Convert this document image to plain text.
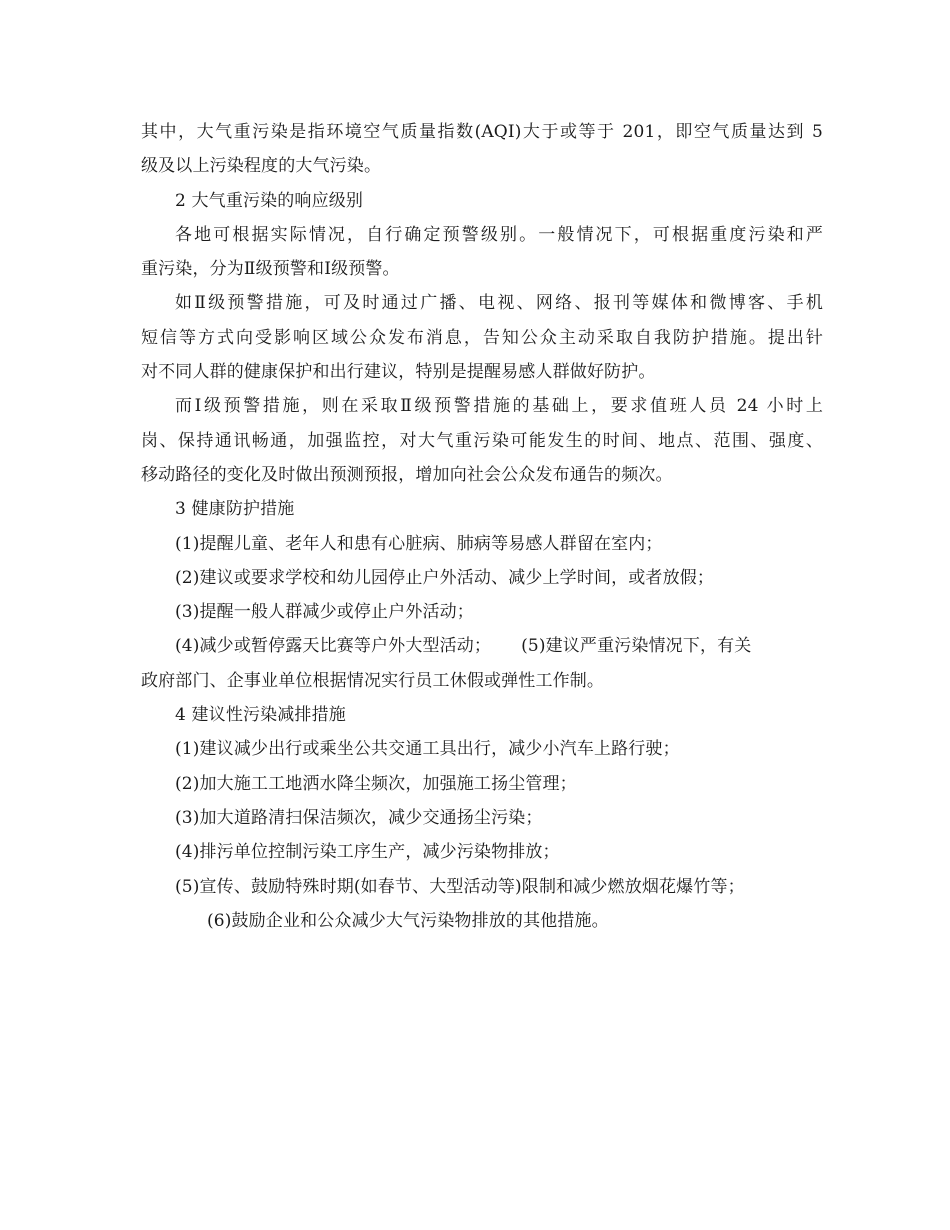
其中，大气重污染是指环境空气质量指数(AQI)大于或等于 201，即空气质量达到 5
级及以上污染程度的大气污染。
2 大气重污染的响应级别
各地可根据实际情况，自行确定预警级别。一般情况下，可根据重度污染和严
重污染，分为Ⅱ级预警和Ⅰ级预警。
如Ⅱ级预警措施，可及时通过广播、电视、网络、报刊等媒体和微博客、手机
短信等方式向受影响区域公众发布消息，告知公众主动采取自我防护措施。提出针
对不同人群的健康保护和出行建议，特别是提醒易感人群做好防护。
而Ⅰ级预警措施，则在采取Ⅱ级预警措施的基础上，要求值班人员 24 小时上
岗、保持通讯畅通，加强监控，对大气重污染可能发生的时间、地点、范围、强度、
移动路径的变化及时做出预测预报，增加向社会公众发布通告的频次。
3 健康防护措施
(1)提醒儿童、老年人和患有心脏病、肺病等易感人群留在室内；
(2)建议或要求学校和幼儿园停止户外活动、减少上学时间，或者放假；
(3)提醒一般人群减少或停止户外活动；
(4)减少或暂停露天比赛等户外大型活动； (5)建议严重污染情况下，有关
政府部门、企事业单位根据情况实行员工休假或弹性工作制。
4 建议性污染减排措施
(1)建议减少出行或乘坐公共交通工具出行，减少小汽车上路行驶；
(2)加大施工工地洒水降尘频次，加强施工扬尘管理；
(3)加大道路清扫保洁频次，减少交通扬尘污染；
(4)排污单位控制污染工序生产，减少污染物排放；
(5)宣传、鼓励特殊时期(如春节、大型活动等)限制和减少燃放烟花爆竹等；
(6)鼓励企业和公众减少大气污染物排放的其他措施。
